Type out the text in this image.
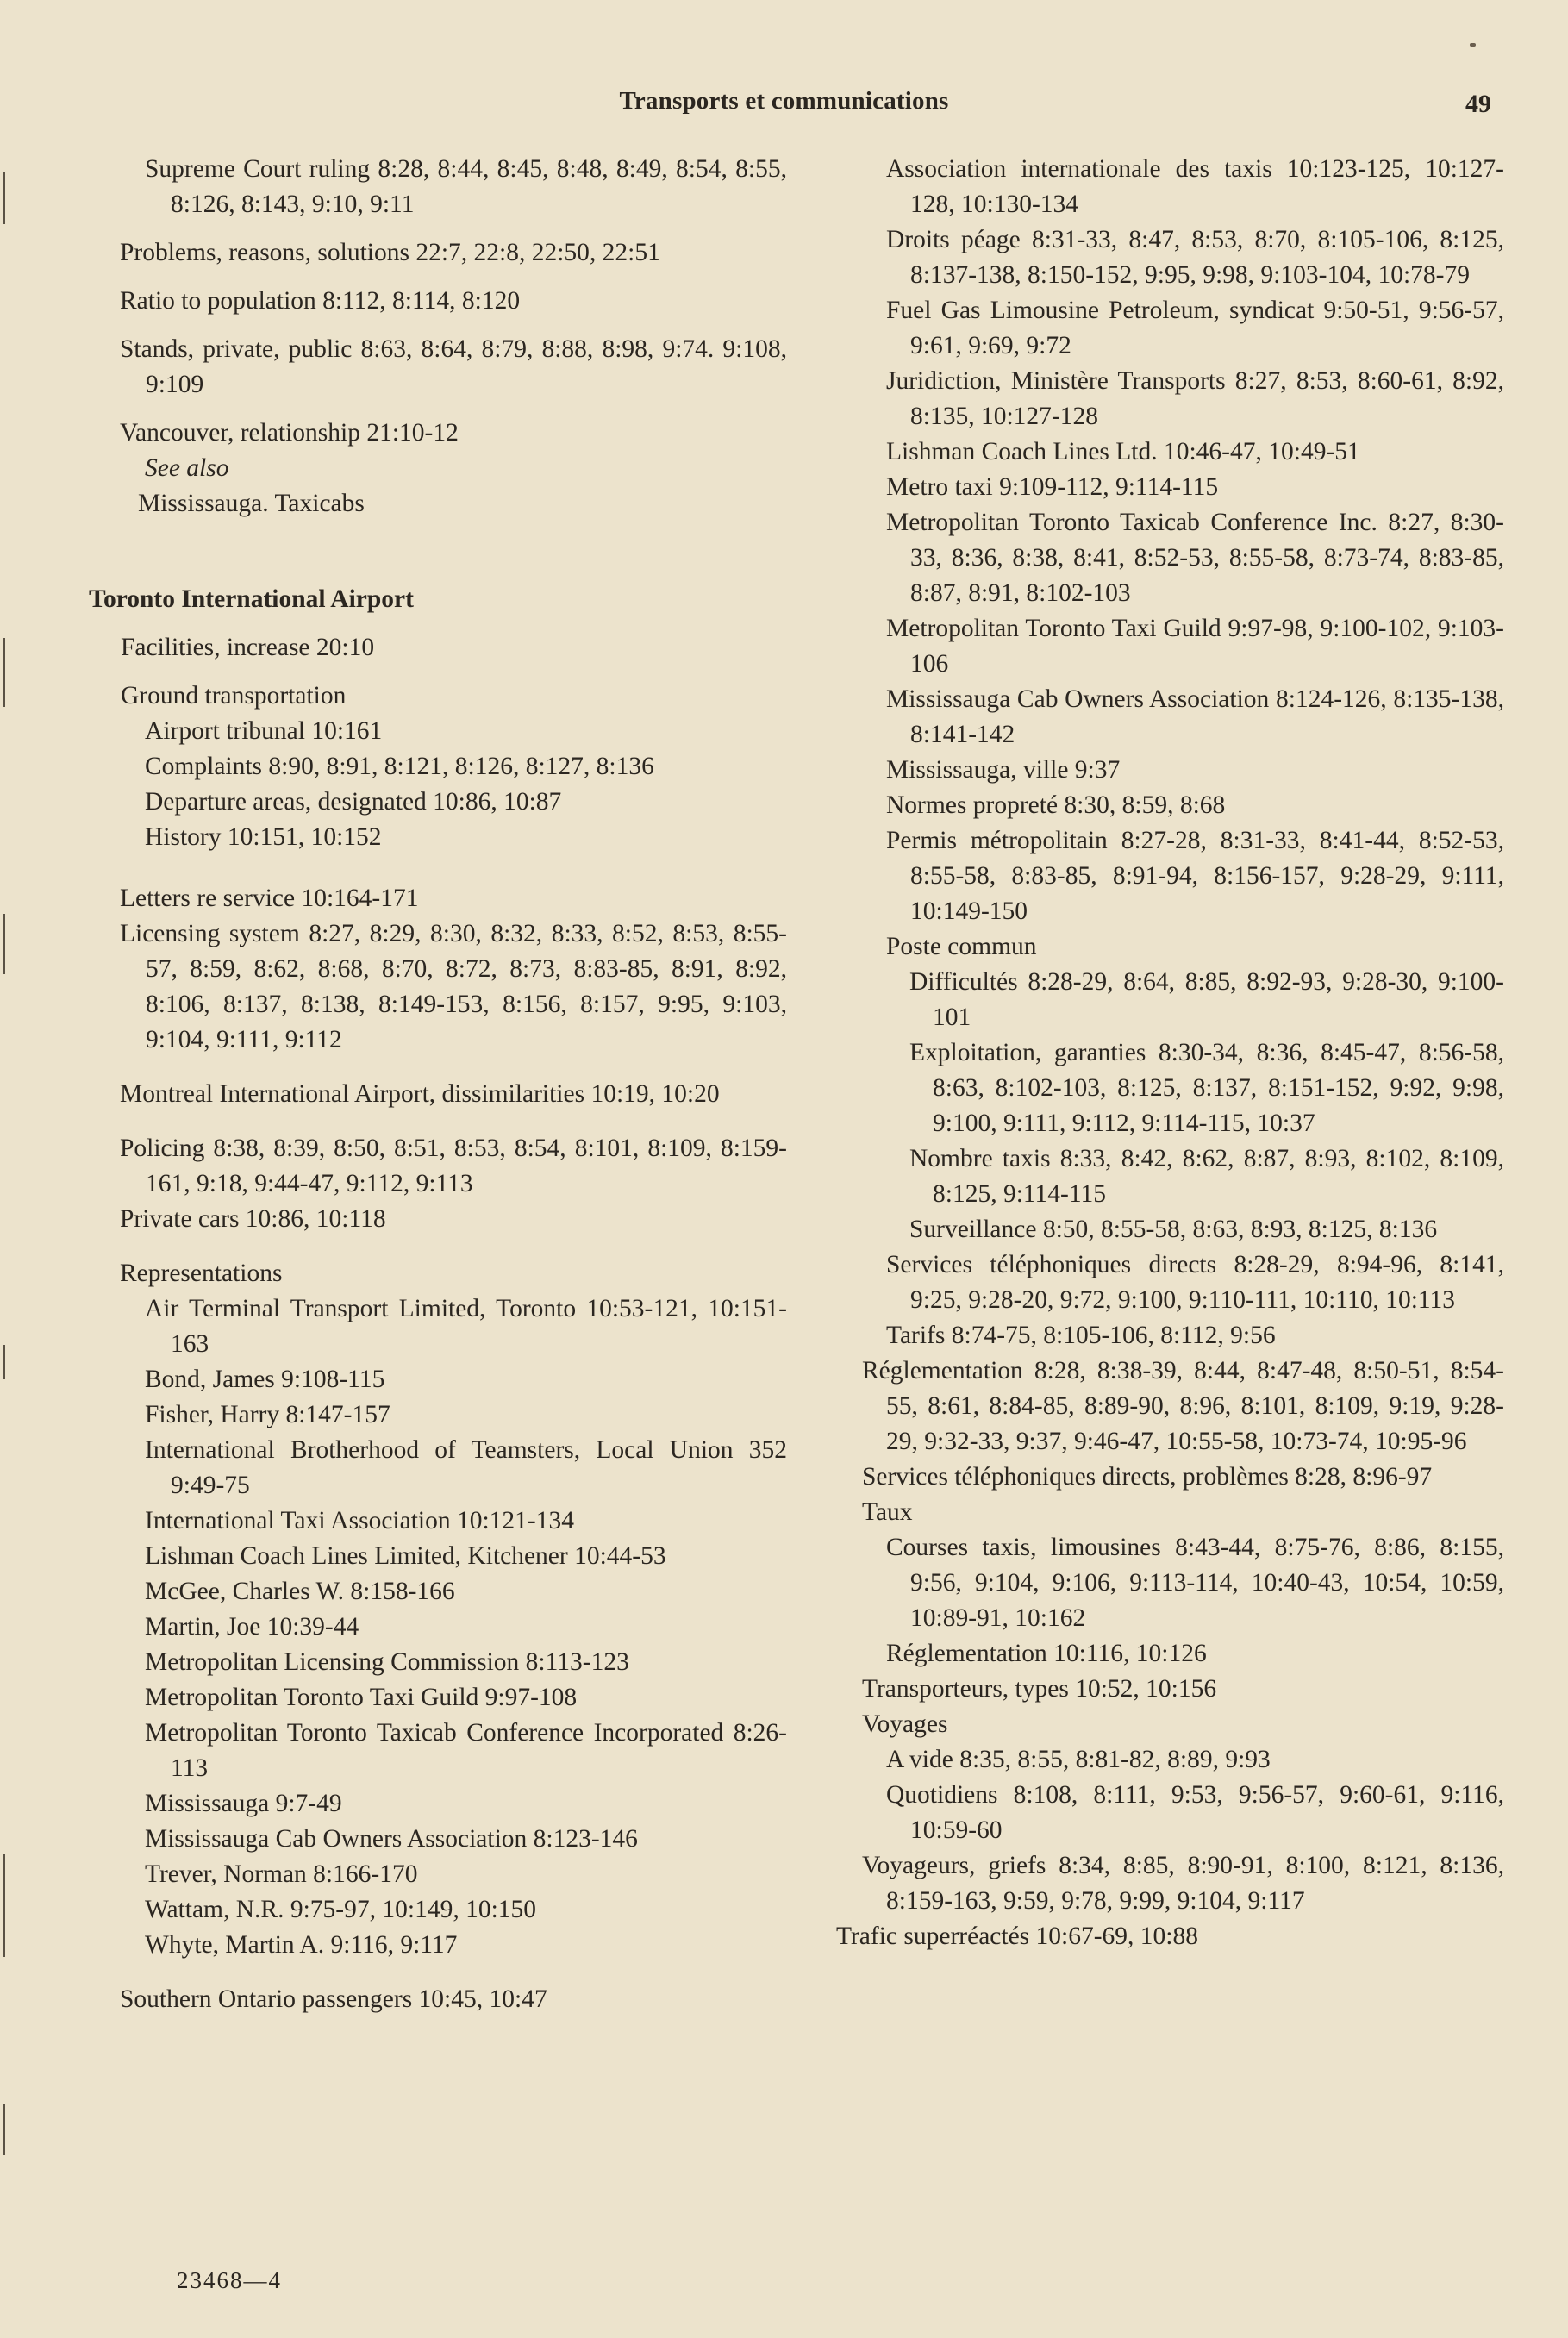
Transports et communications	49
Supreme Court ruling 8:28, 8:44, 8:45, 8:48, 8:49, 8:54, 8:55, 8:126, 8:143, 9:10, 9:11
Problems, reasons, solutions 22:7, 22:8, 22:50, 22:51
Ratio to population 8:112, 8:114, 8:120
Stands, private, public 8:63, 8:64, 8:79, 8:88, 8:98, 9:74. 9:108, 9:109
Vancouver, relationship 21:10-12
See also
Mississauga. Taxicabs
Toronto International Airport
Facilities, increase 20:10
Ground transportation
Airport tribunal 10:161
Complaints 8:90, 8:91, 8:121, 8:126, 8:127, 8:136
Departure areas, designated 10:86, 10:87
History 10:151, 10:152
Letters re service 10:164-171
Licensing system 8:27, 8:29, 8:30, 8:32, 8:33, 8:52, 8:53, 8:55-57, 8:59, 8:62, 8:68, 8:70, 8:72, 8:73, 8:83-85, 8:91, 8:92, 8:106, 8:137, 8:138, 8:149-153, 8:156, 8:157, 9:95, 9:103, 9:104, 9:111, 9:112
Montreal International Airport, dissimilarities 10:19, 10:20
Policing 8:38, 8:39, 8:50, 8:51, 8:53, 8:54, 8:101, 8:109, 8:159-161, 9:18, 9:44-47, 9:112, 9:113
Private cars 10:86, 10:118
Representations
Air Terminal Transport Limited, Toronto 10:53-121, 10:151-163
Bond, James 9:108-115
Fisher, Harry 8:147-157
International Brotherhood of Teamsters, Local Union 352 9:49-75
International Taxi Association 10:121-134
Lishman Coach Lines Limited, Kitchener 10:44-53
McGee, Charles W. 8:158-166
Martin, Joe 10:39-44
Metropolitan Licensing Commission 8:113-123
Metropolitan Toronto Taxi Guild 9:97-108
Metropolitan Toronto Taxicab Conference Incorporated 8:26-113
Mississauga 9:7-49
Mississauga Cab Owners Association 8:123-146
Trever, Norman 8:166-170
Wattam, N.R. 9:75-97, 10:149, 10:150
Whyte, Martin A. 9:116, 9:117
Southern Ontario passengers 10:45, 10:47
Association internationale des taxis 10:123-125, 10:127-128, 10:130-134
Droits péage 8:31-33, 8:47, 8:53, 8:70, 8:105-106, 8:125, 8:137-138, 8:150-152, 9:95, 9:98, 9:103-104, 10:78-79
Fuel Gas Limousine Petroleum, syndicat 9:50-51, 9:56-57, 9:61, 9:69, 9:72
Juridiction, Ministère Transports 8:27, 8:53, 8:60-61, 8:92, 8:135, 10:127-128
Lishman Coach Lines Ltd. 10:46-47, 10:49-51
Metro taxi 9:109-112, 9:114-115
Metropolitan Toronto Taxicab Conference Inc. 8:27, 8:30-33, 8:36, 8:38, 8:41, 8:52-53, 8:55-58, 8:73-74, 8:83-85, 8:87, 8:91, 8:102-103
Metropolitan Toronto Taxi Guild 9:97-98, 9:100-102, 9:103-106
Mississauga Cab Owners Association 8:124-126, 8:135-138, 8:141-142
Mississauga, ville 9:37
Normes propreté 8:30, 8:59, 8:68
Permis métropolitain 8:27-28, 8:31-33, 8:41-44, 8:52-53, 8:55-58, 8:83-85, 8:91-94, 8:156-157, 9:28-29, 9:111, 10:149-150
Poste commun
Difficultés 8:28-29, 8:64, 8:85, 8:92-93, 9:28-30, 9:100-101
Exploitation, garanties 8:30-34, 8:36, 8:45-47, 8:56-58, 8:63, 8:102-103, 8:125, 8:137, 8:151-152, 9:92, 9:98, 9:100, 9:111, 9:112, 9:114-115, 10:37
Nombre taxis 8:33, 8:42, 8:62, 8:87, 8:93, 8:102, 8:109, 8:125, 9:114-115
Surveillance 8:50, 8:55-58, 8:63, 8:93, 8:125, 8:136
Services téléphoniques directs 8:28-29, 8:94-96, 8:141, 9:25, 9:28-20, 9:72, 9:100, 9:110-111, 10:110, 10:113
Tarifs 8:74-75, 8:105-106, 8:112, 9:56
Réglementation 8:28, 8:38-39, 8:44, 8:47-48, 8:50-51, 8:54-55, 8:61, 8:84-85, 8:89-90, 8:96, 8:101, 8:109, 9:19, 9:28-29, 9:32-33, 9:37, 9:46-47, 10:55-58, 10:73-74, 10:95-96
Services téléphoniques directs, problèmes 8:28, 8:96-97
Taux
Courses taxis, limousines 8:43-44, 8:75-76, 8:86, 8:155, 9:56, 9:104, 9:106, 9:113-114, 10:40-43, 10:54, 10:59, 10:89-91, 10:162
Réglementation 10:116, 10:126
Transporteurs, types 10:52, 10:156
Voyages
A vide 8:35, 8:55, 8:81-82, 8:89, 9:93
Quotidiens 8:108, 8:111, 9:53, 9:56-57, 9:60-61, 9:116, 10:59-60
Voyageurs, griefs 8:34, 8:85, 8:90-91, 8:100, 8:121, 8:136, 8:159-163, 9:59, 9:78, 9:99, 9:104, 9:117
Trafic superréactés 10:67-69, 10:88
23468—4
